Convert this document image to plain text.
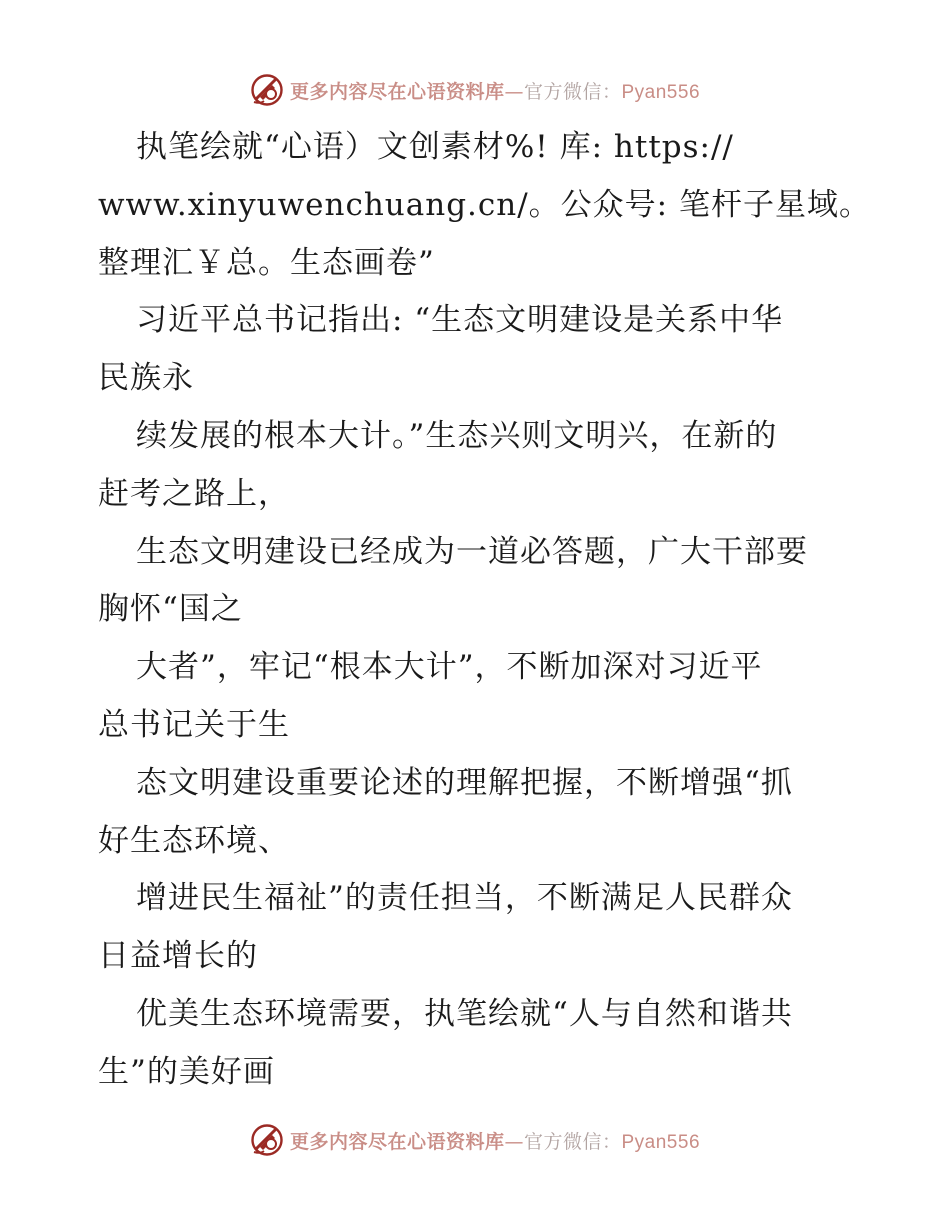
更多内容尽在心语资料库—官方微信：Pyan556
执笔绘就“心语）文创素材%! 库: https://
www.xinyuwenchuang.cn/。公众号: 笔杆子星域。
整理汇￥总。生态画卷”
习近平总书记指出: “生态文明建设是关系中华
民族永
续发展的根本大计。”生态兴则文明兴，在新的
赶考之路上，
生态文明建设已经成为一道必答题，广大干部要
胸怀“国之
大者”，牢记“根本大计”，不断加深对习近平
总书记关于生
态文明建设重要论述的理解把握，不断增强“抓
好生态环境、
增进民生福祉”的责任担当，不断满足人民群众
日益增长的
优美生态环境需要，执笔绘就“人与自然和谐共
生”的美好画
更多内容尽在心语资料库—官方微信：Pyan556
